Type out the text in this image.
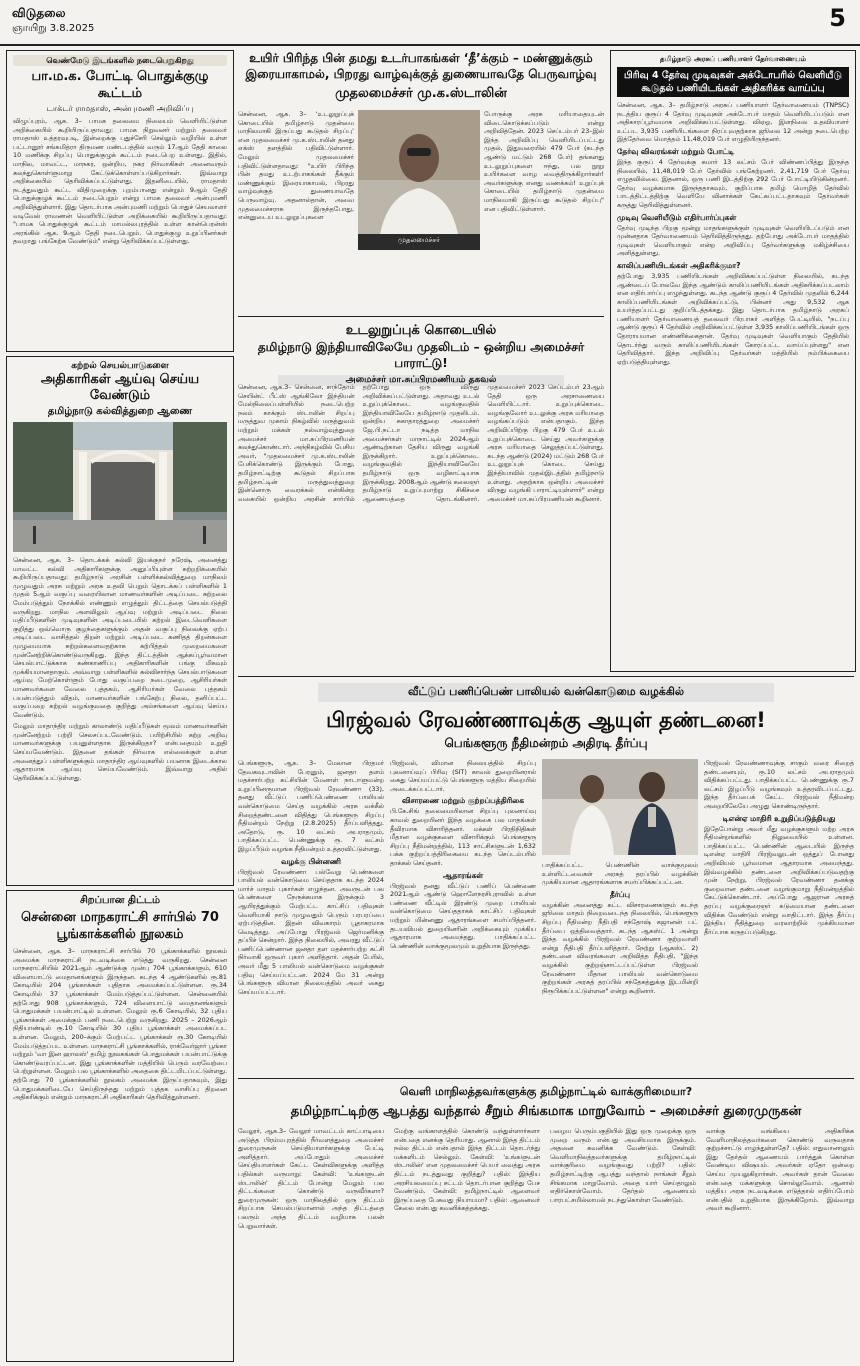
விடுதலை
ஞாயிறு 3.8.2025	5
வெண்மேடு இடங்களில் நடைபெறுகிறது
பா.ம.க. போட்டி பொதுக்குழு கூட்டம்
டாக்டர் ராமதாஸ், அன்புமணி அறிவிப்பு

விழுப்புரம், ஆக. 3– பாமக தலைமை நிலையம் வெளியிட்டுள்ள அறிக்கையில் கூறியிருப்பதாவது: பாமக நிறுவனர் மற்றும் தலைவர் ராமதாஸ் உத்தரவுபடி, இன்றைக்கு புதுச்சேரி செல்லும் வழியில் உள்ள பட்டானூர் சங்கமித்ரா திருமண மண்டபத்தில் வரும் 17ஆம் தேதி காலை 10 மணிக்கு சிறப்பு பொதுக்குழுக் கூட்டம் நடைபெற உள்ளது. இதில், மாநில, மாவட்ட, மாநகர, ஒன்றிய, நகர நிர்வாகிகள் அனைவரும் கலந்துகொள்ளுமாறு கேட்டுக்கொள்ளப்படுகிறார்கள். இவ்வாறு அறிக்கையில் தெரிவிக்கப்பட்டுள்ளது. இதனிடையில், ராமதாஸ் நடத்துவதும் கூட்ட விதிமுறைக்கு புறம்பானது என்றும் 9ஆம் தேதி பொதுக்குழுக் கூட்டம் நடைபெறும் என்று பாமக தலைவர் அன்புமணி அறிவித்துள்ளார். இது தொடர்பாக அன்புமணி மற்றும் பொதுச் செயலாளர் வடிவேல் ராவணன் வெளியிட்டுள்ள அறிக்கையில் கூறியிருப்பதாவது: "பாமக பொதுக்குழுக் கூட்டம் மாமல்லபுரத்தில் உள்ள கான்பெரன்ஸ் அரங்கில் ஆக. 9ஆம் தேதி நடைபெறும். பொதுக்குழு உறுப்பினர்கள் தவறாது பங்கேற்க வேண்டும்" என்று தெரிவிக்கப்பட்டுள்ளது.

கற்றல் செயல்பாடுகளை
அதிகாரிகள் ஆய்வு செய்ய வேண்டும்
தமிழ்நாடு கல்வித்துறை ஆணை

சென்னை, ஆக. 3– தொடக்கக் கல்வி இயக்குநர் நரேஷ், அனைத்து மாவட்ட கல்வி அதிகாரிகளுக்கு அனுப்பியுள்ள சுற்றறிக்கையில் கூறியிருப்பதாவது: தமிழ்நாடு அரசின் பள்ளிக்கல்வித்துறை மாநிலம் முழுவதும் அரசு மற்றும் அரசு உதவி பெறும் தொடக்கப் பள்ளிகளில் 1 முதல் 5ஆம் வகுப்பு வரையிலான மாணவர்களின் அடிப்படை கற்றலை மேம்படுத்தும் நோக்கில் எண்ணும் எழுத்தும் திட்டத்தை செயல்படுத்தி வருகிறது. மாநில அளவிலும் ஆய்வு மற்றும் அடிப்படை நிலை மதிப்பீடுகளின் முடிவுகளின் அடிப்படையில் கற்றல் இடைவெளிகளை குறித்து ஒவ்வொரு குழந்தைகளுக்கும் அதன் வகுப்பு நிலைக்கு ஏற்ப அடிப்படை வாசித்தல் திறன் மற்றும் அடிப்படை கணிதத் திறன்களை முழுமையாக சுற்றல்களைவதற்காக கற்பித்தல் முறைமைகளை முன்னேற்றிக்கொண்டுவருகிறது. இந்த திட்டத்தின் ஆக்கப்பூர்வமான செயல்பாட்டுக்காக கண்காணிப்பு அதிகாரிகளின் பங்கு மிகவும் முக்கியமானதாகும். அவ்வாறு பள்ளிகளில் கல்விசார்ந்த செயல்பாடுகளை ஆய்வு மேற்கொள்ளும் போது வகுப்பறை நடைமுறை, ஆசிரியர்கள் மாணவர்களை வேலை புத்தகம், ஆசிரியர்கள் வேலை புத்தகம் பயன்படுத்தும் விதம், மாணவர்களின் பங்கேற்பு நிலை, தனிப்பட்ட வகுப்பறை கற்றல் வழங்குவதை குறித்து அம்சங்களை ஆய்வு செய்ய வேண்டும்.

மேலும் மாதாந்திர மற்றும் காலாண்டு மதிப்பீடுகள் மூலம் மாணவர்களின் முன்னேற்றம் பற்றி செலசப்படவேண்டும். பயிற்சியில் கற்ற அறிவு மாணவர்களுக்கு பயனுள்ளதாக இருக்கிறதா? என்பதையும் உறுதி செய்யவேண்டும். இதனை தங்கள் நிர்வாக எல்லைக்குள் உள்ள அனைத்துப் பள்ளிகளுக்கும் மாதாந்திர ஆய்வுகளில் பயனாக இடைக்கால ஆதாரமாக ஆய்வு செய்யவேண்டும். இவ்வாறு அதில் தெரிவிக்கப்பட்டுள்ளது.

சிறப்பான திட்டம்
சென்னை மாநகராட்சி சார்பில் 70 பூங்காக்களில் நூலகம்

சென்னை, ஆக. 3– மாநகராட்சி சார்பில் 70 பூங்காக்களில் நூலகம் அமைக்க மாநகராட்சி நடவடிக்கை எடுத்து வருகிறது. சென்னை மாநகராட்சியில் 2021ஆம் ஆண்டுக்கு முன்பு 704 பூங்காக்களும், 610 விளையாட்டு மைதானங்களும் இருந்தன. கடந்த 4 ஆண்டுகளில் ரூ.81 கோடியில் 204 பூங்காக்கள் புதிதாக அமைக்கப்பட்டுள்ளன. ரூ.34 கோடியில் 37 பூங்காக்கள் மேம்படுத்தப்பட்டுள்ளன. சென்னையில் தற்போது 908 பூங்காக்களும், 724 விளையாட்டு மைதானங்களும் பொதுமக்கள் பயன்பாட்டில் உள்ளன. மேலும் ரூ.6 கோடியில், 32 புதிய பூங்காக்கள் அமைக்கும் பணி நடைபெற்று வருகிறது. 2025 – 2026ஆம் நிதியாண்டில் ரூ.10 கோடியில் 30 புதிய பூங்காக்கள் அமைக்கப்பட உள்ளன. மேலும், 200–க்கும் மேற்பட்ட பூங்காக்கள் ரூ.30 கோடியில் மேம்படுத்தப்பட உள்ளன. மாநகராட்சி பூங்காக்களில், ராக்வேர்ஜார் பூங்கா மற்றும் 'வா இன ஹாலஸ்' தமிழ் நூலகங்கள் பொதுமக்கள் பயன்பாட்டுக்கு கொண்டுவரப்பட்டன. இது பூங்காக்களின் மத்தியில் பெரும் வரவேற்பை பெற்றுள்ளன. மேலும் பல பூங்காக்களில் அதைகை திட்டமிடப்பட்டுள்ளது. தற்போது 70 பூங்காக்களில் நூலகம் அமைக்க இருப்பதாகவும், இது பொதுமக்களிடையே செய்திருந்தது மற்றும் புத்தக வாசிப்பு திறனை அதிகரிக்கும் என்றும் மாநகராட்சி அதிகாரிகள் தெரிவித்துள்ளனர்.

உயிர் பிரிந்த பின் தமது உடர்பாகங்கள் ‘தீ’க்கும் – மண்ணுக்கும்
இரையாகாமல், பிறரது வாழ்வுக்குத் துணையாவதே பெருவாழ்வு
முதலமைச்சர் மு.க.ஸ்டாலின்

சென்னை, ஆக. 3– ‘உடலுறுப்புக் கொடையில் தமிழ்நாடு முதன்மை மாநிலமாகி இருப்பது கூடுதல் சிறப்பு’ என முதலமைச்சர் மு.க.ஸ்டாலின் தனது எக்ஸ் தளத்தில் பதிவிட்டுள்ளார். மேலும் முதலமைச்சர் பதிவிட்டுள்ளதாவது: "உயிர் பிரிந்த பின் தமது உடற்பாகங்கள் தீக்கும் மண்ணுக்கும் இரையாகாமல், பிறரது வாழ்வுக்குத் துணையாவதே பெருவாழ்வு. அதனால்தான், அவை முதலமைச்சராக இருந்தபோது, என்னுடைய உடலுறுப்புகளை

முதலமைச்சர்

போருக்கு அரசு மரியாதையுடன் விடைகொடுக்கப்படும் என்று அறிவித்தேன். 2023 செப்டம்பர் 23–இல் இந்த அறிவிப்பு வெளியிடப்பட்டது முதல், இதுவரையில் 479 பேர் (கடந்த ஆண்டு மட்டும் 268 பேர்) தங்களது உடலுறுப்புகளை ஈந்து, பல நூறு உயிர்களை வாழ வைத்திருக்கிறார்கள்! அவர்களுக்கு எனது வணக்கம்! உறுப்புக் கொடையில் தமிழ்நாடு முதன்மை மாநிலமாகி இருப்பது கூடுதல் சிறப்பு" என பதிவிட்டுள்ளார்.

உடலுறுப்புக் கொடையில்
தமிழ்நாடு இந்தியாவிலேயே முதலிடம் – ஒன்றிய அமைச்சர் பாராட்டு!
அமைச்சர் மா.சுப்பிரமணியம் தகவல்

சென்னை, ஆக.3– சென்னை, சாந்தோம் செயின்ட் பீட்ஸ் ஆங்கிலோ இந்தியன் மேல்நிலைப்பள்ளியில் நடைபெற்ற நலம் காக்கும் ஸ்டாலின் சிறப்பு மருத்துவ முகாம் நிகழ்வில் மருத்துவம் மற்றும் மக்கள் நல்வாழ்வுத்துறை அமைச்சர் மா.சுப்பிரமணியன் கலந்துகொண்டார். அந்நிகழ்வில் பேசிய அவர், "முதலமைச்சர் மு.க.ஸ்டாலின் பேசிக்கொண்டு இருக்கும் போது, தமிழ்நாட்டிற்கு கூடுதல் சிறப்பாக தமிழ்நாட்டின் மருத்துவத்துறை இன்னொரு வைரக்கல் என்கின்ற வகையில் ஒன்றிய அரசின் சார்பில் தற்போது ஒரு விருது அறிவிக்கப்பட்டுள்ளது. அதாவது உடல் உறுப்புக்கொடை வழங்குவதில் இந்தியாவிலேயே தமிழ்நாடு முதலிடம். ஒன்றிய சுகாதாரத்துறை அமைச்சர் ஜே.பி.நட்டா நடித்த மாநில அமைச்சர்கள் மாநாட்டில் 2024ஆம் ஆண்டிற்கான தேசிய விருது வழங்கி இருக்கிறார். உறுப்புக்கொடை வழங்குவதில் இந்தியாவிலேயே தமிழ்நாடு ஒரு வழிகாட்டியாக இருக்கிறது. 2008ஆம் ஆண்டு கலைஞர் தமிழ்நாடு உறுப்புமாற்று சிகிச்சை ஆணையத்தை தொடங்கினார். முதலமைச்சர் 2023 செப்டம்பர் 23ஆம் தேதி ஒரு அரசாணையை வெளியிட்டார். உறுப்புக்கொடை வழங்குவோர் உடலுக்கு அரசு மரியாதை வழங்கப்படும் என்பதாகும். இந்த அறிவிப்பிற்கு பிறகு 479 பேர் உடல் உறுப்புக்கொடை செய்து அவர்களுக்கு அரசு மரியாதை செலுத்தப்பட்டுள்ளது. கடந்த ஆண்டு (2024) மட்டும் 268 பேர் உடலுறுப்புக் கொடை செய்து இந்தியாவில் முதல்இடத்தில் தமிழ்நாடு உள்ளது. அதற்காக ஒன்றிய அமைச்சர் விருது வழங்கி பாராட்டியுள்ளார்" என்று அமைச்சர் மா.சுப்பிரமணியன் கூறினார்.

தமிழ்நாடு அரசுப் பணியாளர் தேர்வாணையம்
பிரிவு 4 தேர்வு முடிவுகள் அக்டோபரில் வெளியீடு கூடுதல் பணியிடங்கள் அதிகரிக்க வாய்ப்பு

சென்னை, ஆக. 3– தமிழ்நாடு அரசுப் பணியாளர் தேர்வாணையம் (TNPSC) நடத்திய குரூப் 4 தேர்வு முடிவுகள் அக்டோபர் மாதம் வெளியிடப்படும் என அதிகாரப்பூர்வமாக அறிவிக்கப்பட்டுள்ளது. விஏஓ, இளநிலை உதவியாளர் உட்பட 3,935 பணியிடங்களை நிரப்புவதற்காக ஜூலை 12 அன்று நடைபெற்ற இத்தேர்வை மொத்தம் 11,48,019 பேர் எழுதியிருந்தனர்.

தேர்வு விவரங்கள் மற்றும் போட்டி

இந்த குரூப் 4 தேர்வுக்கு சுமார் 13 லட்சம் பேர் விண்ணப்பித்து இருந்த நிலையில், 11,48,019 பேர் தேர்வில் பங்கேற்றனர். 2,41,719 பேர் தேர்வு எழுதவில்லை. இதனால், ஒரு பணி இடத்திற்கு 292 பேர் போட்டியிடுகின்றனர். தேர்வு வழக்கமாக இருந்ததாகவும், குறிப்பாக தமிழ் மொழித் தேர்வில் பாடத்திட்டத்திற்கு வெளியே வினாக்கள் கேட்கப்பட்டதாகவும் தேர்வர்கள் கருத்து தெரிவித்துள்ளனர்.

முடிவு வெளியீடும் எதிர்பார்ப்புகள்

தேர்வு முடிந்த பிறகு மூன்று மாதங்களுக்குள் முடிவுகள் வெளியிடப்படும் என முன்னதாக தேர்வாணையம் தெரிவித்திருந்தது. தற்போது அக்டோபர் மாதத்தில் முடிவுகள் வெளியாகும் என்ற அறிவிப்பு தேர்வர்களுக்கு மகிழ்ச்சியை அளித்துள்ளது.

காலிப்பணியிடங்கள் அதிகரிக்குமா?

தற்போது 3,935 பணியிடங்கள் அறிவிக்கப்பட்டுள்ள நிலையில், கடந்த ஆண்டைப் போலவே இந்த ஆண்டும் காலிப்பணியிடங்கள் அதிகரிக்கப்படலாம் என எதிர்பார்ப்பு எழுந்துள்ளது. கடந்த ஆண்டு குரூப் 4 தேர்வில் முதலில் 6,244 காலிப்பணியிடங்கள் அறிவிக்கப்பட்டு, பின்னர் அது 9,532 ஆக உயர்த்தப்பட்டது குறிப்பிடத்தக்கது. இது தொடர்பாக தமிழ்நாடு அரசுப் பணியாளர் தேர்வாணையத் தலைவர் பிரபாகர் அளித்த பேட்டியில், "நடப்பு ஆண்டு குரூப் 4 தேர்வில் அறிவிக்கப்பட்டுள்ள 3,935 காலிப்பணியிடங்கள் ஒரு தோராயமான எண்ணிக்கைதான். தேர்வு முடிவுகள் வெளியாகும் தேதியில் தொடர்ந்து வரும் காலிப்பணியிடங்கள் கோரப்பட்ட வாய்ப்புள்ளது" என தெரிவித்தார். இந்த அறிவிப்பு தேர்வர்கள் மத்தியில் நம்பிக்கையை ஏற்படுத்தியுள்ளது.

வீட்டுப் பணிப்பெண் பாலியல் வன்கொடுமை வழக்கில்
பிரஜ்வல் ரேவண்ணாவுக்கு ஆயுள் தண்டனை!
பெங்களூரு நீதிமன்றம் அதிரடி தீர்ப்பு

பெங்களூரு, ஆக. 3– மேலான பிரதமர் தேவகவுடாவின் பேரனும், ஜனதா தளம் மதச்சார்பற்ற கட்சியின் மேனாள் நாடாளுமன்ற உறுப்பினருமான பிரஜ்வல் ரேவண்ணா (33), தனது வீட்டுப் பணிப்பெண்ணை பாலியல் வன்கொடுமை செய்த வழக்கில் அரசு வக்கீல் சிறைத்தண்டனை விதித்து பெங்களூரு சிறப்பு நீதிமன்றம் நேற்று (2.8.2025) தீர்ப்பளித்தது. அதோடு, ரூ. 10 லட்சம் அபராதமும், பாதிக்கப்பட்ட பெண்ணுக்கு ரூ. 7 லட்சம் இழப்பீடும் வழங்க நீதிமன்றம் உத்தரவிட்டுள்ளது.

வழக்கு பின்னணி

பிரஜ்வல் ரேவண்ணா பல்வேறு பெண்களை பாலியல் வன்கொடுமை செய்ததாக கடந்த 2024 மார்ச் மாதம் புகார்கள் எழுந்தன. அவருடன் பல பெண்களை நேருக்கமாக இருக்கும் 3 ஆயிரத்துக்கும் மேற்பட்ட காட்சிப் பதிவுகள் வெளியாகி நாடு முழுவதும் பெரும் பரபரப்பை ஏற்படுத்தின. இதன் விவகாரம் பூதாகரமாக வெடித்தது. அப்போது பிரஜ்வல் ஜெர்மனிக்கு தப்பிச் சென்றார். இந்த நிலையில், அவரது வீட்டுப் பணிப்பெண்ணான ஜனதா தள மதச்சார்பற்ற கட்சி நிர்வாகி ஒருவர் புகார் அளித்தார். அதன் பேரில், அவர் மீது 5 பாலியல் வன்கொடுமை வழக்குகள் பதிவு செய்யப்பட்டன. 2024 மே 31 அன்று பெங்களூரு விமான நிலையத்தில் அவர் கைது செய்யப்பட்டார்.

பிரஜ்வல், விமான நிலையத்தில் சிறப்பு புலனாய்வுப் பிரிவு (SIT) காவல் துறையினரால் கைது செய்யப்பட்டு பெங்களூரு மத்திய சிறையில் அடைக்கப்பட்டார்.

விசாரணை மற்றும் குற்றப்பத்திரிகை

பி.கே.சிங் தலைமையிலான சிறப்பு புலனாய்வு காவல் துறையினர் இந்த வழக்கை பல மாதங்கள் தீவிரமாக விசாரித்தனர். மக்கள் பிரதிநிதிகள் மீதான வழக்குகளை விசாரிக்கும் பெங்களூரு சிறப்பு நீதிமன்றத்தில், 113 சாட்சிகளுடன் 1,632 பக்க குற்றப்பத்திரிகையை கடந்த செப்டம்பரில் தாக்கல் செய்தனர்.

ஆதாரங்கள்

பிரஜ்வல் தனது வீட்டுப் பணிப் பெண்ணை 2021ஆம் ஆண்டு ஹொளேநரசிபுராவில் உள்ள பண்ணை வீட்டில் இரண்டு முறை பாலியல் வன்கொடுமை செய்ததாகக் காட்சிப் பதிவுகள் மற்றும் மின்னணு ஆதாரங்களை சமர்ப்பித்தனர். தடயவியல் துறையினரின் அறிக்கையும் முக்கிய ஆதாரமாக அமைந்தது. பாதிக்கப்பட்ட பெண்ணின் வாக்குமூலமும் உறுதியாக இருந்தது.

பாதிக்கப்பட்ட பெண்ணின் வாக்குமூலம் உள்ளிட்டவைகள் அரசுத் தரப்பில் வழக்கின் முக்கியமான ஆதாரங்களாக சமர்ப்பிக்கப்பட்டன.

தீர்ப்பு

வழக்கின் அனைத்து கட்ட விசாரணைகளும் கடந்த ஜூலை மாதம் நிறைவடைந்த நிலையில், பெங்களூரு சிறப்பு நீதிமன்ற நீதிபதி சந்தோஷ் கஜானன் பட் தீர்ப்பை ஒத்திவைத்தார். கடந்த ஆகஸ்ட் 1 அன்று இந்த வழக்கில் பிரஜ்வல் ரேவண்ணா குற்றவாளி என்று நீதிபதி தீர்ப்பளித்தார். நேற்று (ஆகஸ்ட் 2) தண்டனை விவரங்களை அறிவித்த நீதிபதி, "இந்த வழக்கில் குற்றஞ்சாட்டப்பட்டுள்ள பிரஜ்வல் ரேவண்ணா மீதான பாலியல் வன்கொடுமை குற்றங்கள் அரசுத் தரப்பில் சந்தேகத்துக்கு இடமின்றி நிரூபிக்கப்பட்டுள்ளன" என்று கூறினார்.

பிரஜ்வல் ரேவண்ணாவுக்கு சாகும் வரை சிறைத் தண்டனையும், ரூ.10 லட்சம் அபராதமும் விதிக்கப்பட்டது. பாதிக்கப்பட்ட பெண்ணுக்கு ரூ.7 லட்சம் இழப்பீடு வழங்கவும் உத்தரவிடப்பட்டது. இந்த தீர்ப்பைக் கேட்ட பிரஜ்வல் நீதிமன்ற அறையிலேயே அழுது கொண்டிருந்தார்.

டிஎன்ஏ மாதிரி உறுதிப்படுத்தியது

இதேபோன்று அவர் மீது வழக்குகளும் மற்ற அரசு நீதிமன்றங்களில் நிலுவையில் உள்ளன. பாதிக்கப்பட்ட பெண்ணின் ஆடையில் இருந்த டிஎன்ஏ மாதிரி பிரஜ்வலுடன் ஒத்துப் போனது அறிவியல் பூர்வமான ஆதாரமாக அமைந்தது. இவ்வழக்கில் தண்டனை அறிவிக்கப்படுவதற்கு முன் நேற்று, பிரஜ்வல் ரேவண்ணா தனக்கு குறைவான தண்டனை வழங்குமாறு நீதிமன்றத்தில் கேட்டுக்கொண்டார். அப்போது ஆஜரான அரசுத் தரப்பு வழக்குரைஞர் கடுமையான தண்டனை விதிக்க வேண்டும் என்று வாதிட்டார். இந்த தீர்ப்பு இந்திய நீதித்துறை வரலாற்றில் முக்கியமான தீர்ப்பாக கருதப்படுகிறது.

வெளி மாநிலத்தவர்களுக்கு தமிழ்நாட்டில் வாக்குரிமையா?
தமிழ்நாட்டிற்கு ஆபத்து வந்தால் சீறும் சிங்கமாக மாறுவோம் – அமைச்சர் துரைமுருகன்

வேலூர், ஆக.3– வேலூர் மாவட்டம் காட்பாடியை அடுத்த பிரம்மபுரத்தில் நீர்வளத்துறை அமைச்சர் துரைமுருகன் செய்தியாளர்களுக்கு பேட்டி அளித்தார். அப்போதும் அமைச்சர் செய்தியாளர்கள் கேட்ட கேள்விகளுக்கு அளித்த பதில்கள் வருமாறு: கேள்வி: 'உங்களுடன் ஸ்டாலின்' திட்டம் போன்று மேலும் பல திட்டங்களை கொண்டு வருவீர்களா? துரைமுருகன்: ஒரு மாநிலத்தில் ஒரு திட்டம் சிறப்பாக செயல்படுமானால் அந்த திட்டத்தை பலரும் அந்த திட்டம் வழியாக பலன் பெறுவார்கள்.

மேற்கு வங்காளத்தில் கொண்டு வந்துள்ளார்களா என்பதை எனக்கு தெரியாது. ஆனால் இந்த திட்டம் நல்ல திட்டம் என்பதால் இந்த திட்டம் தொடர்ந்து மக்களிடம் செல்லும். கேள்வி: 'உங்களுடன் ஸ்டாலின்' என முதலமைச்சர் பெயர் வைத்து அரசு திட்டம் நடத்துவது குறித்து? பதில்: இந்திய அரசியலமைப்பு சட்டம் தொடர்பான குறித்து பேச வேண்டும். கேள்வி: தமிழ்நாட்டில் ஆளைவர் இருப்பதை பேசுவது நியாயமா? பதில்: ஆனைவர் கேலை என்பது கவனிக்கத்தக்கது.

பழைய பெரும்பகுதியில் இது ஒரு முறைக்கு ஒரு முறை வரும் என்பது அவசியமாக இருக்கும். அதனை கவனிக்க வேண்டும். கேள்வி: வெளிமாநிலத்தவர்களுக்கு தமிழ்நாட்டில் வாக்குரிமை வழங்குவது பற்றி? பதில்: தமிழ்நாட்டிற்கு ஆபத்து வந்தால் நாங்கள் சீறும் சிங்கமாக மாறுவோம். அதை யார் செய்தாலும் எதிர்கொள்வோம். தேர்தல் ஆணையம் பாரபட்சமில்லாமல் நடந்துகொள்ள வேண்டும்.

வாக்கு வங்கியை அதிகரிக்க வேளிமாநிலத்தவர்களை கொண்டு வருவதாக குற்றச்சாட்டு எழுந்துள்ளதே? பதில்: எதுவானாலும் இது தேர்தல் ஆணையம் பார்த்துக் கொள்ள வேண்டிய விஷயம். அவர்கள் ஏதோ ஒன்றை செய்ய முயலுகிறார்கள். அவர்கள் தான் வேலை என்பதை மக்களுக்கு சொல்லுவோம். ஆனால் மத்திய அரசு நடவடிக்கை எடுத்தால் எதிர்ப்போம் என்பதில் உறுதியாக இருக்கிறோம். இவ்வாறு அவர் கூறினார்.
